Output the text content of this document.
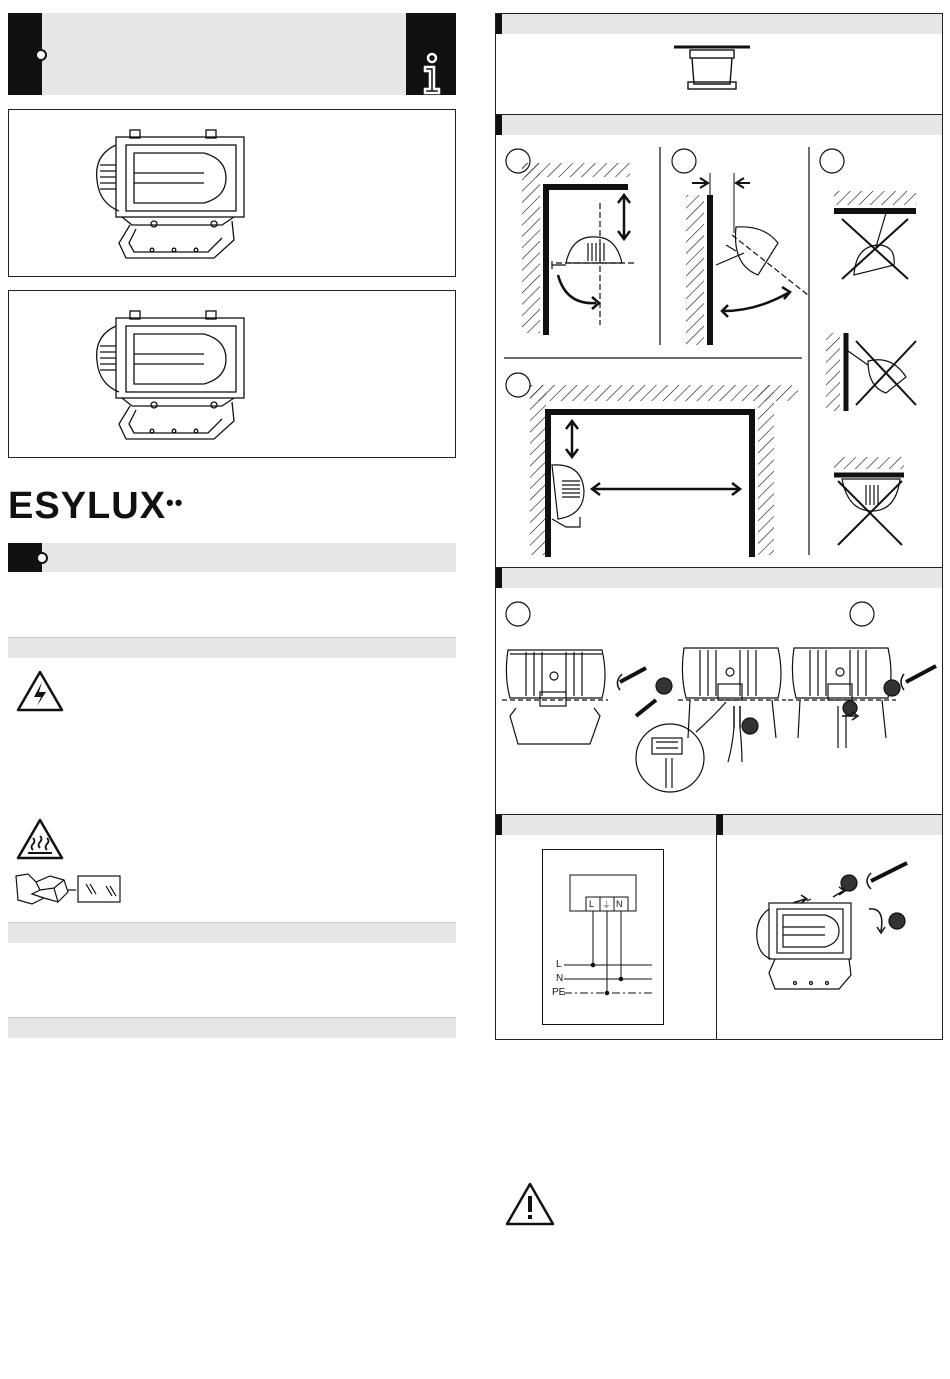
ESYLUX••
L ⏚ N
L
N
PE
